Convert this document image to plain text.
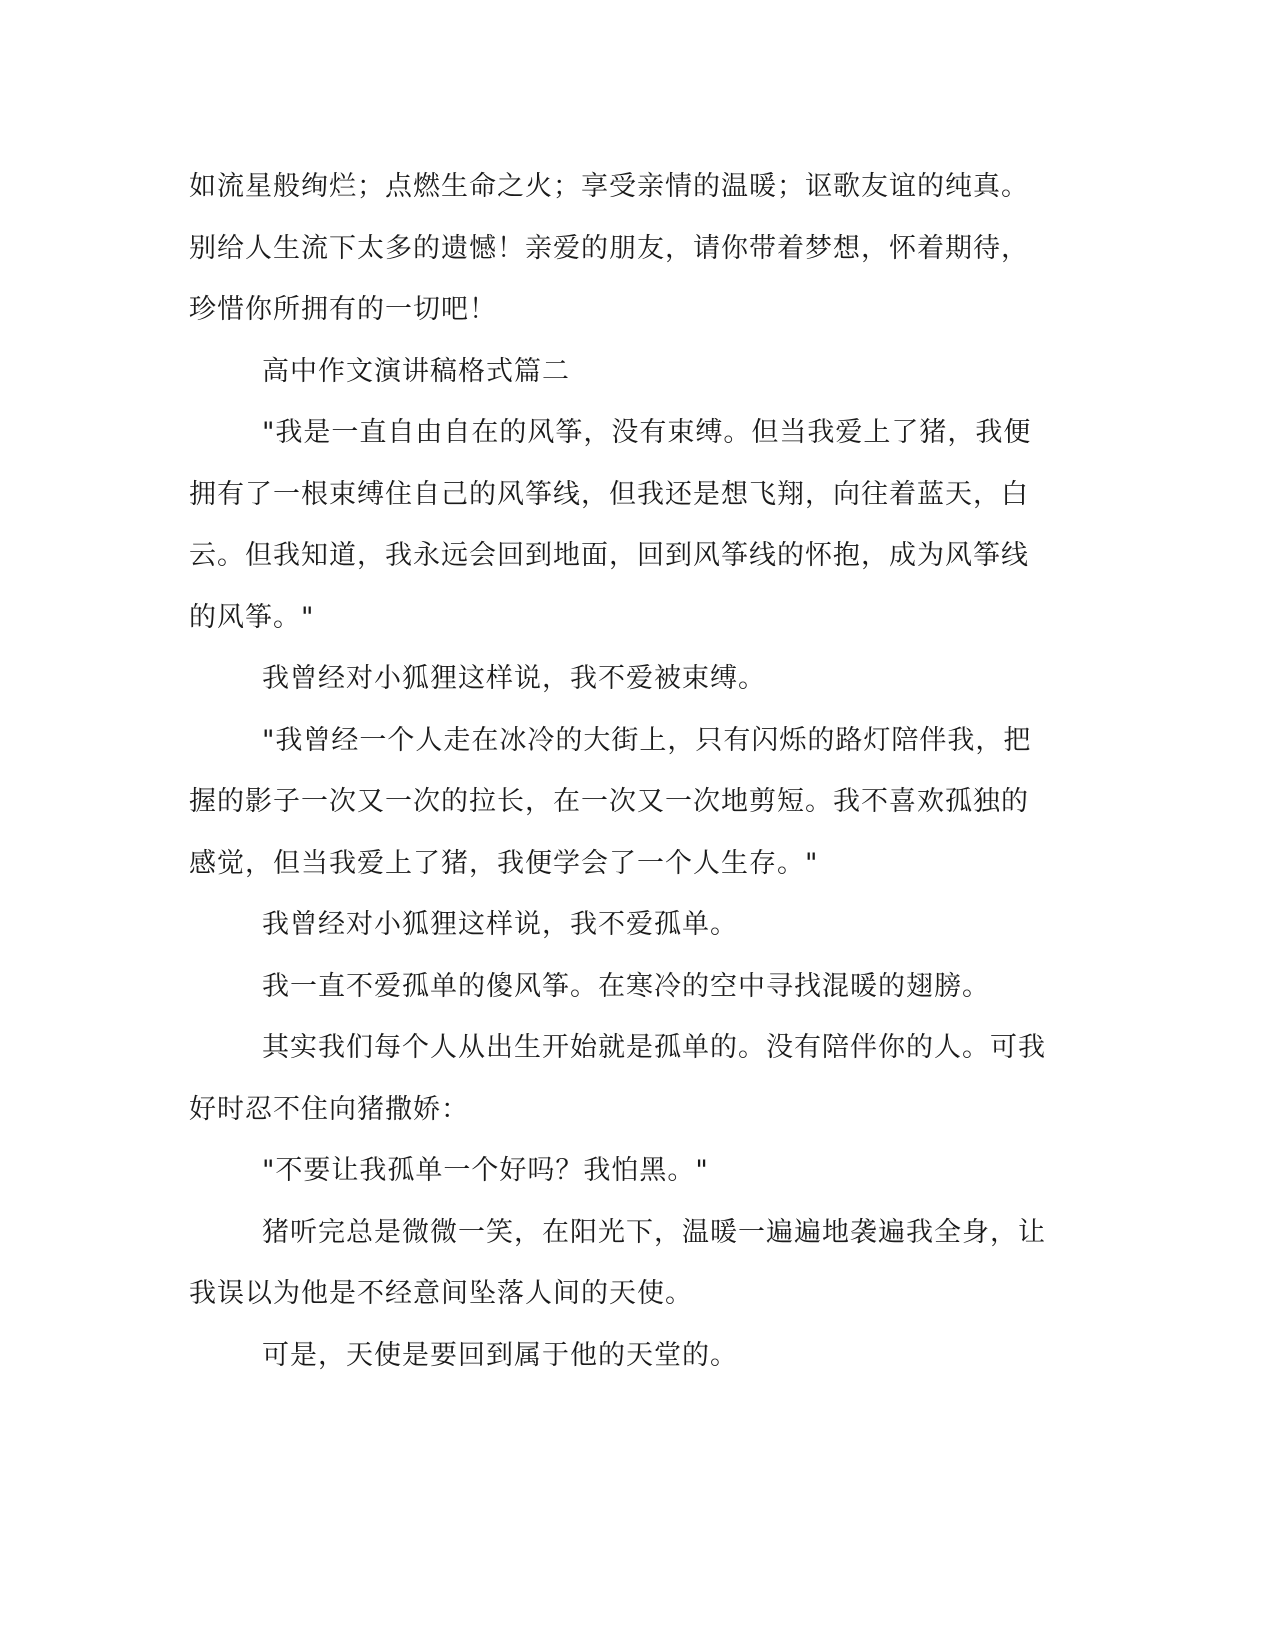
如流星般绚烂；点燃生命之火；享受亲情的温暖；讴歌友谊的纯真。
别给人生流下太多的遗憾！亲爱的朋友，请你带着梦想，怀着期待，
珍惜你所拥有的一切吧！
高中作文演讲稿格式篇二
"我是一直自由自在的风筝，没有束缚。但当我爱上了猪，我便
拥有了一根束缚住自己的风筝线，但我还是想飞翔，向往着蓝天，白
云。但我知道，我永远会回到地面，回到风筝线的怀抱，成为风筝线
的风筝。"
我曾经对小狐狸这样说，我不爱被束缚。
"我曾经一个人走在冰冷的大街上，只有闪烁的路灯陪伴我，把
握的影子一次又一次的拉长，在一次又一次地剪短。我不喜欢孤独的
感觉，但当我爱上了猪，我便学会了一个人生存。"
我曾经对小狐狸这样说，我不爱孤单。
我一直不爱孤单的傻风筝。在寒冷的空中寻找混暖的翅膀。
其实我们每个人从出生开始就是孤单的。没有陪伴你的人。可我
好时忍不住向猪撒娇：
"不要让我孤单一个好吗？我怕黑。"
猪听完总是微微一笑，在阳光下，温暖一遍遍地袭遍我全身，让
我误以为他是不经意间坠落人间的天使。
可是，天使是要回到属于他的天堂的。
